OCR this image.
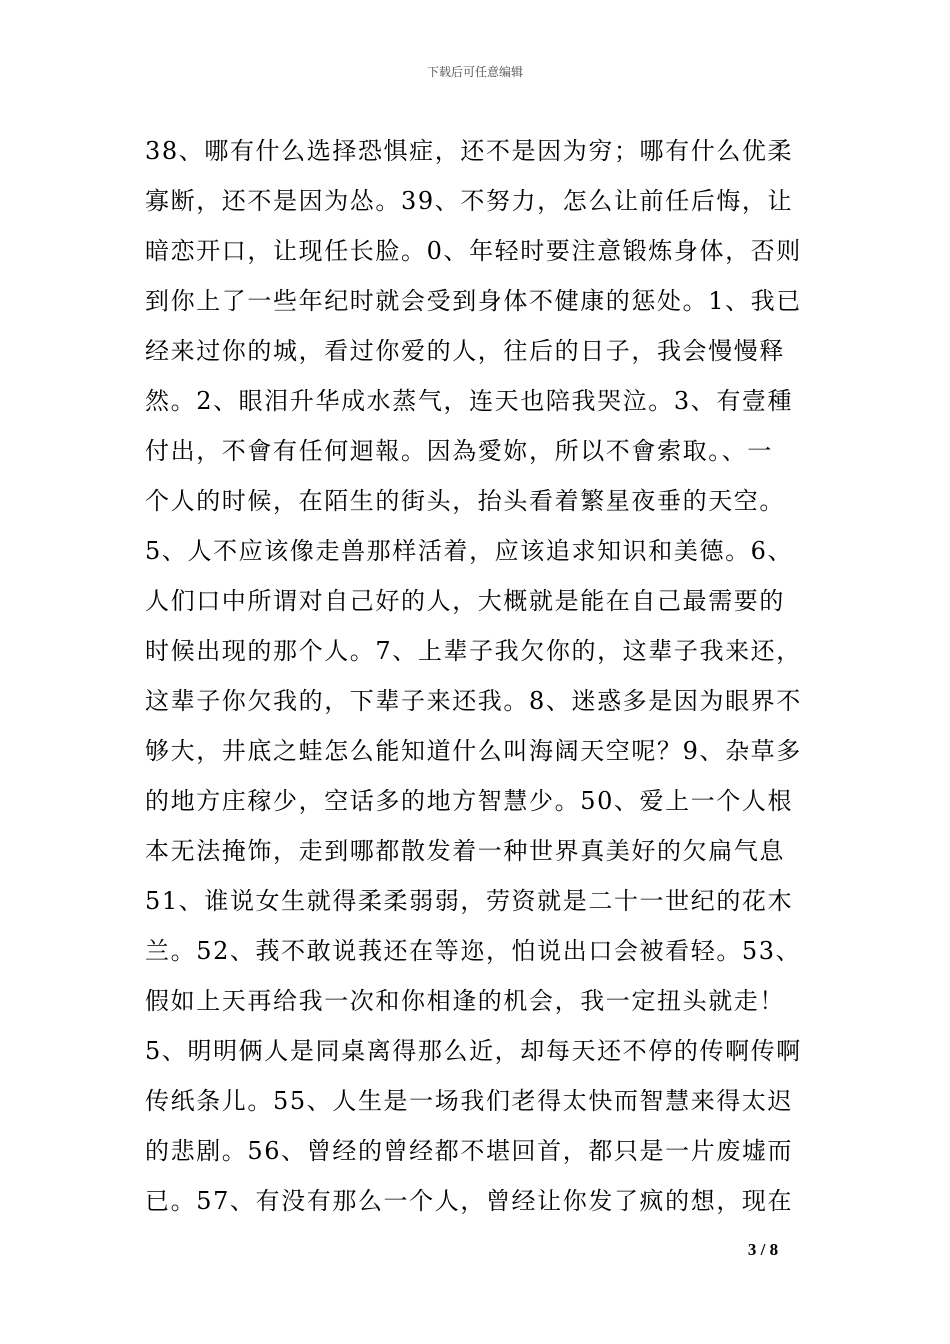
下载后可任意编辑
38、哪有什么选择恐惧症，还不是因为穷；哪有什么优柔
寡断，还不是因为怂。39、不努力，怎么让前任后悔，让
暗恋开口，让现任长脸。0、年轻时要注意锻炼身体，否则
到你上了一些年纪时就会受到身体不健康的惩处。1、我已
经来过你的城，看过你爱的人，往后的日子，我会慢慢释
然。2、眼泪升华成水蒸气，连天也陪我哭泣。3、有壹種
付出，不會有任何迴報。因為愛妳，所以不會索取。、一
个人的时候，在陌生的街头，抬头看着繁星夜垂的天空。
5、人不应该像走兽那样活着，应该追求知识和美德。6、
人们口中所谓对自己好的人，大概就是能在自己最需要的
时候出现的那个人。7、上辈子我欠你的，这辈子我来还，
这辈子你欠我的，下辈子来还我。8、迷惑多是因为眼界不
够大，井底之蛙怎么能知道什么叫海阔天空呢？9、杂草多
的地方庄稼少，空话多的地方智慧少。50、爱上一个人根
本无法掩饰，走到哪都散发着一种世界真美好的欠扁气息
51、谁说女生就得柔柔弱弱，劳资就是二十一世纪的花木
兰。52、莪不敢说莪还在等迩，怕说出口会被看轻。53、
假如上天再给我一次和你相逢的机会，我一定扭头就走！
5、明明俩人是同桌离得那么近，却每天还不停的传啊传啊
传纸条儿。55、人生是一场我们老得太快而智慧来得太迟
的悲剧。56、曾经的曾经都不堪回首，都只是一片废墟而
已。57、有没有那么一个人，曾经让你发了疯的想，现在
3 / 8
